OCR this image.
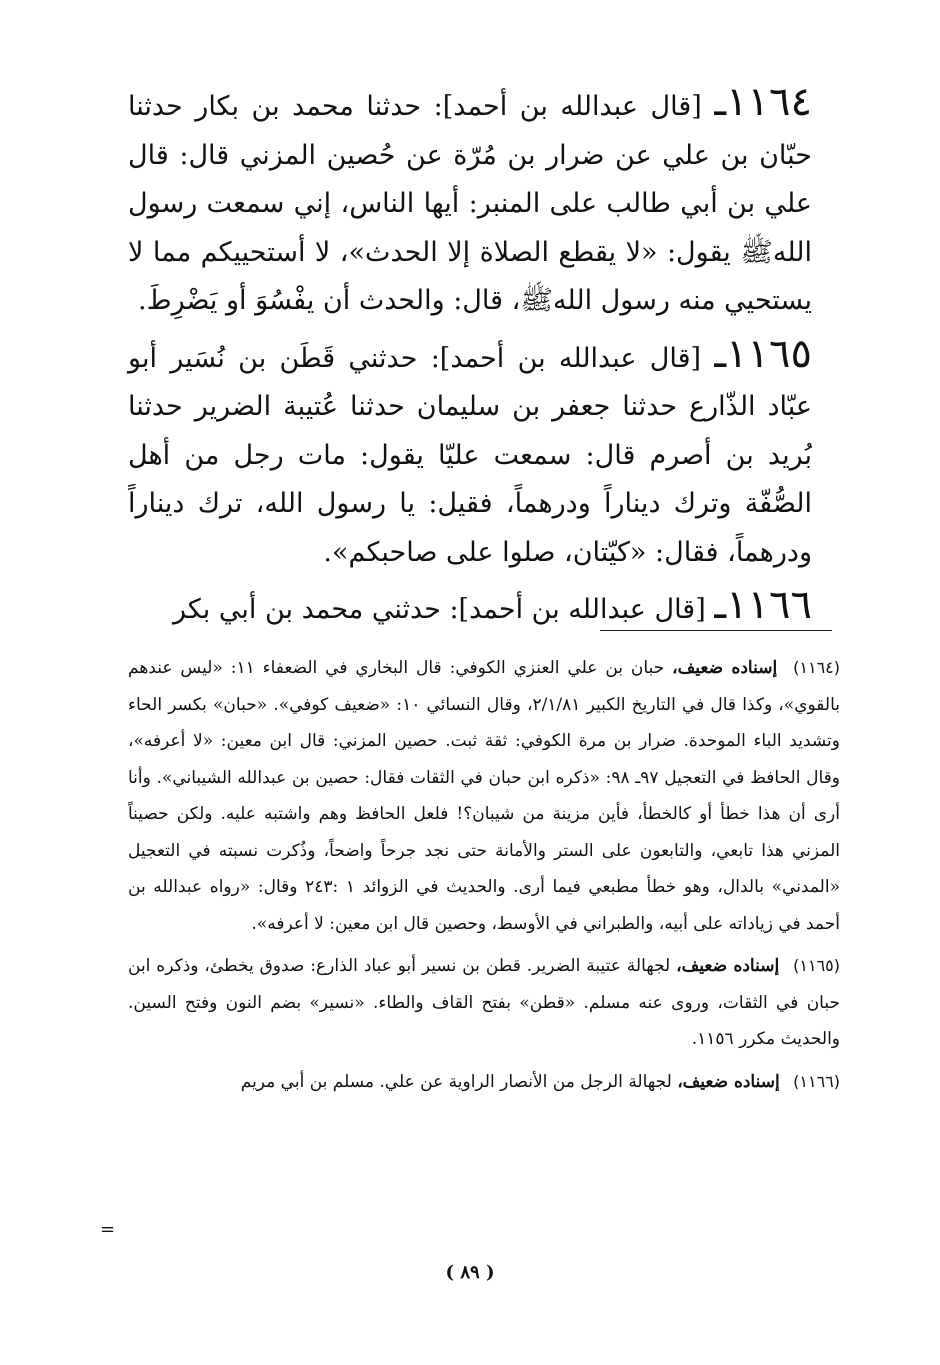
١١٦٤ـ [قال عبدالله بن أحمد]: حدثنا محمد بن بكار حدثنا حبّان بن علي عن ضرار بن مُرّة عن حُصين المزني قال: قال علي بن أبي طالب على المنبر: أيها الناس، إني سمعت رسول اللهﷺ يقول: «لا يقطع الصلاة إلا الحدث»، لا أستحييكم مما لا يستحيي منه رسول اللهﷺ، قال: والحدث أن يفْسُوَ أو يَضْرِطَ.

١١٦٥ـ [قال عبدالله بن أحمد]: حدثني قَطَن بن نُسَير أبو عبّاد الذّارع حدثنا جعفر بن سليمان حدثنا عُتيبة الضرير حدثنا بُريد بن أصرم قال: سمعت عليّا يقول: مات رجل من أهل الصُّفّة وترك ديناراً ودرهماً، فقيل: يا رسول الله، ترك ديناراً ودرهماً، فقال: «كيّتان، صلوا على صاحبكم».

١١٦٦ـ [قال عبدالله بن أحمد]: حدثني محمد بن أبي بكر

(١١٦٤) إسناده ضعيف، حبان بن علي العنزي الكوفي: قال البخاري في الضعفاء ١١: «ليس عندهم بالقوي»، وكذا قال في التاريخ الكبير ٢/١/٨١، وقال النسائي ١٠: «ضعيف كوفي». «حبان» بكسر الحاء وتشديد الباء الموحدة. ضرار بن مرة الكوفي: ثقة ثبت. حصين المزني: قال ابن معين: «لا أعرفه»، وقال الحافظ في التعجيل ٩٧ـ ٩٨: «ذكره ابن حبان في الثقات فقال: حصين بن عبدالله الشيباني». وأنا أرى أن هذا خطأ أو كالخطأ، فأين مزينة من شيبان؟! فلعل الحافظ وهم واشتبه عليه. ولكن حصيناً المزني هذا تابعي، والتابعون على الستر والأمانة حتى نجد جرحاً واضحاً، وذُكرت نسبته في التعجيل «المدني» بالدال، وهو خطأ مطبعي فيما أرى. والحديث في الزوائد ١ :٢٤٣ وقال: «رواه عبدالله بن أحمد في زياداته على أبيه، والطبراني في الأوسط، وحصين قال ابن معين: لا أعرفه».

(١١٦٥) إسناده ضعيف، لجهالة عتيبة الضرير. قطن بن نسير أبو عباد الذارع: صدوق يخطئ، وذكره ابن حبان في الثقات، وروى عنه مسلم. «قطن» بفتح القاف والطاء. «نسير» بضم النون وفتح السين. والحديث مكرر ١١٥٦.

(١١٦٦) إسناده ضعيف، لجهالة الرجل من الأنصار الراوية عن علي. مسلم بن أبي مريم

=
( ٨٩ )
